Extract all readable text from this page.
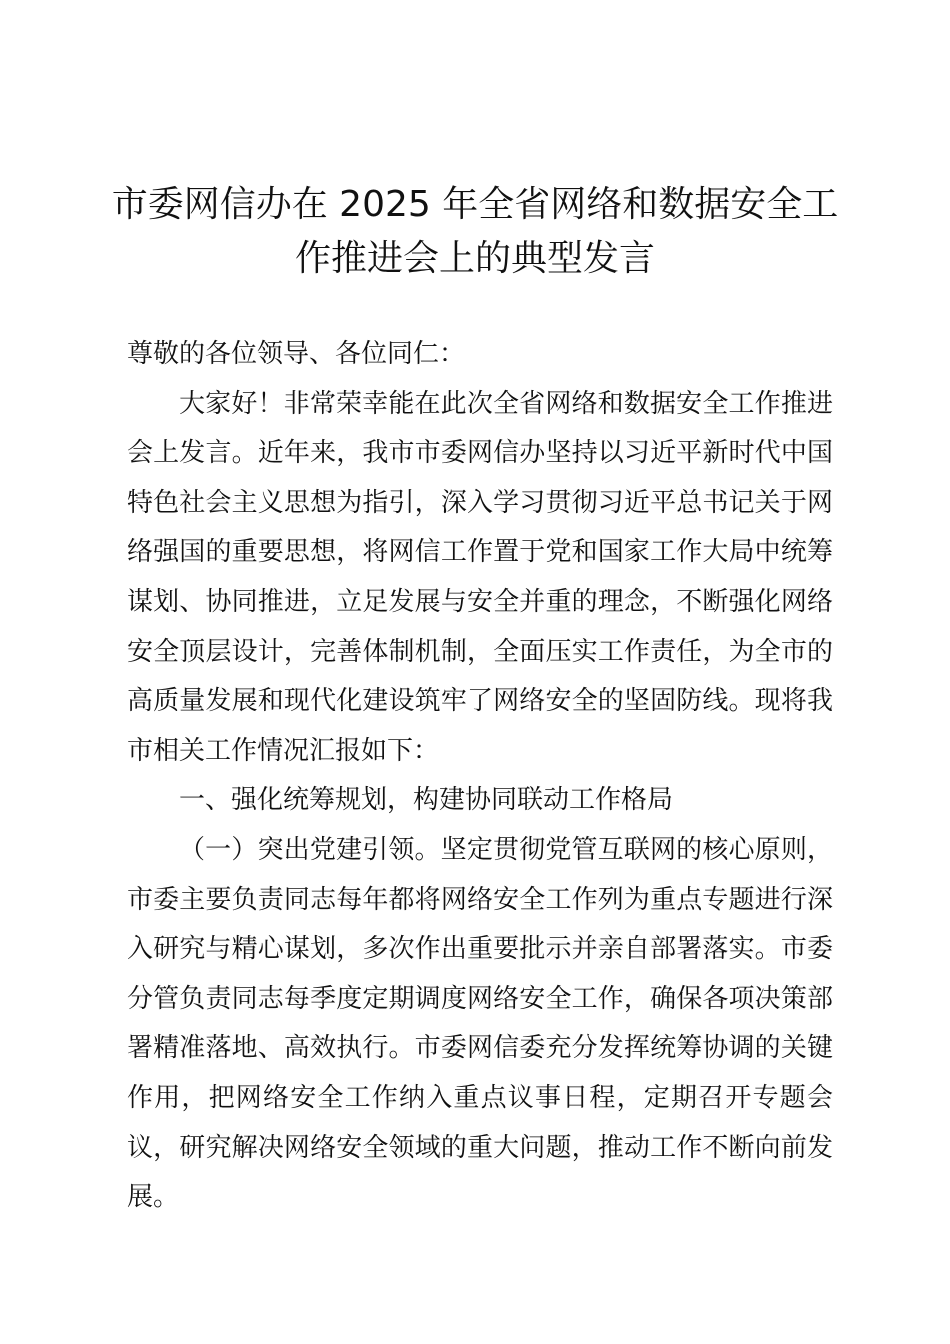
市委网信办在 2025 年全省网络和数据安全工
作推进会上的典型发言

尊敬的各位领导、各位同仁：

大家好！非常荣幸能在此次全省网络和数据安全工作推进会上发言。近年来，我市市委网信办坚持以习近平新时代中国特色社会主义思想为指引，深入学习贯彻习近平总书记关于网络强国的重要思想，将网信工作置于党和国家工作大局中统筹谋划、协同推进，立足发展与安全并重的理念，不断强化网络安全顶层设计，完善体制机制，全面压实工作责任，为全市的高质量发展和现代化建设筑牢了网络安全的坚固防线。现将我市相关工作情况汇报如下：

一、强化统筹规划，构建协同联动工作格局

（一）突出党建引领。坚定贯彻党管互联网的核心原则，市委主要负责同志每年都将网络安全工作列为重点专题进行深入研究与精心谋划，多次作出重要批示并亲自部署落实。市委分管负责同志每季度定期调度网络安全工作，确保各项决策部署精准落地、高效执行。市委网信委充分发挥统筹协调的关键作用，把网络安全工作纳入重点议事日程，定期召开专题会议，研究解决网络安全领域的重大问题，推动工作不断向前发展。
